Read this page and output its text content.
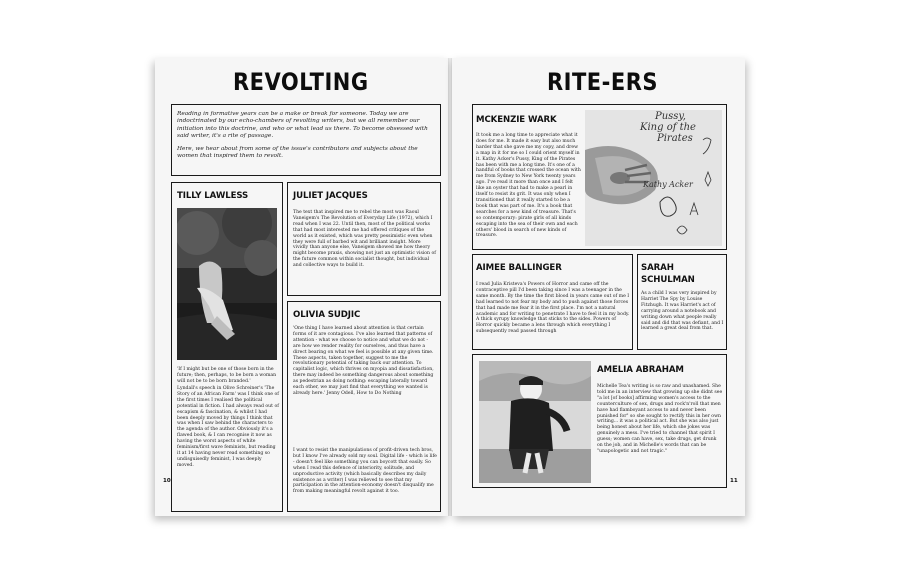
REVOLTING
Reading in formative years can be a make or break for someone. Today we are indoctrinated by our echo-chambers of revolting writers, but we all remember our initiation into this doctrine, and who or what lead us there. To become obsessed with said writer, it's a rite of passage.
Here, we hear about from some of the issue's contributors and subjects about the women that inspired them to revolt.
TILLY LAWLESS
'If I might but be one of those born in the future; then, perhaps, to be born a woman will not be to be born branded.'
Lyndall's speech in Olive Schreiner's 'The Story of an African Farm' was I think one of the first times I realised the political potential in fiction. I had always read out of escapism & fascination, & whilst I had been deeply moved by things I think that was when I saw behind the characters to the agenda of the author. Obviously it's a flawed book, & I can recognise it now as having the worst aspects of white feminism/first wave feminists, but reading it at 14 having never read something so undisguisedly feminist, I was deeply moved.
JULIET JACQUES
The text that inspired me to rebel the most was Raoul Vaneigem's The Revolution of Everyday Life (1972), which I read when I was 22. Until then, most of the political works that had most interested me had offered critiques of the world as it existed, which was pretty pessimistic even when they were full of barbed wit and brilliant insight. More vividly than anyone else, Vaneigem showed me how theory might become praxis, showing not just an optimistic vision of the future common within socialist thought, but individual and collective ways to build it.
OLIVIA SUDJIC
'One thing I have learned about attention is that certain forms of it are contagious. I've also learned that patterns of attention - what we choose to notice and what we do not - are how we render reality for ourselves, and thus have a direct bearing on what we feel is possible at any given time. These aspects, taken together, suggest to me the revolutionary potential of taking back our attention. To capitalist logic, which thrives on myopia and dissatisfaction, there may indeed be something dangerous about something as pedestrian as doing nothing: escaping laterally toward each other, we may just find that everything we wanted is already here.' Jenny Odell, How to Do Nothing
I want to resist the manipulations of profit-driven tech bros, but I know I've already sold my soul. Digital life - which is life - doesn't feel like something you can boycott that easily. So when I read this defence of interiority, solitude, and unproductive activity (which basically describes my daily existence as a writer) I was relieved to see that my participation in the attention-economy doesn't disqualify me from making meaningful revolt against it too.
10
RITE-ERS
MCKENZIE WARK
It took me a long time to appreciate what it does for me. It made it easy but also much harder that she gave me my copy, and drew a map in it for me so I could orient myself in it. Kathy Acker's Pussy, King of the Pirates has been with me a long time. It's one of a handful of books that crossed the ocean with me from Sydney to New York twenty years ago. I've read it more than once and I felt like an oyster that had to make a pearl in itself to resist its grit. It was only when I transitioned that it really started to be a book that was part of me. It's a book that searches for a new kind of treasure. That's so contemporary: pirate girls of all kinds escaping into the sea of their own and each others' blood in search of new kinds of treasure.
Pussy,
King of the
Pirates
Kathy Acker
AIMEE BALLINGER
I read Julia Kristeva's Powers of Horror and came off the contraceptive pill I'd been taking since I was a teenager in the same month. By the time the first blood in years came out of me I had learned to not fear my body and to push against those forces that had made me fear it in the first place. I'm not a natural academic and for writing to penetrate I have to feel it in my body. A thick syrupy knowledge that sticks to the sides. Powers of Horror quickly became a lens through which everything I subsequently read passed through
SARAH
SCHULMAN
As a child I was very inspired by Harriet The Spy by Louise Fitzhugh. It was Harriet's act of carrying around a notebook and writing down what people really said and did that was defiant, and I learned a great deal from that.
AMELIA ABRAHAM
Michelle Tea's writing is so raw and unashamed. She told me in an interview that growing up she didnt see "a lot [of books] affirming women's access to the counterculture of sex, drugs and rock'n'roll that men have had flamboyant access to and never been punished for" so she sought to rectify this in her own writing... it was a political act. But she was also just being honest about her life, which she jokes was genuinely a mess. I've tried to channel that spirit I guess; women can have, sex, take drugs, get drunk on the job, and in Michelle's words that can be "unapologetic and not tragic."
11
